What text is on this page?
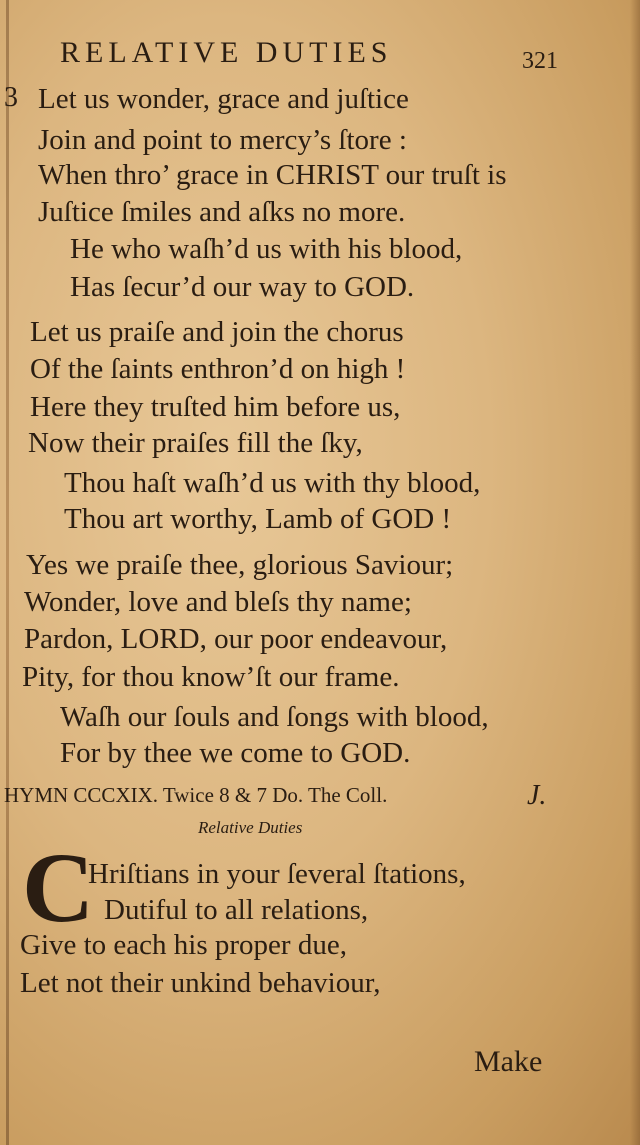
RELATIVE DUTIES	321
3 Let us wonder, grace and juſtice
Join and point to mercy’s ſtore :
When thro’ grace in CHRIST our truſt is
Juſtice ſmiles and aſks no more.
He who waſh’d us with his blood,
Has ſecur’d our way to GOD.
Let us praiſe and join the chorus
Of the ſaints enthron’d on high !
Here they truſted him before us,
Now their praiſes fill the ſky,
Thou haſt waſh’d us with thy blood,
Thou art worthy, Lamb of GOD !
Yes we praiſe thee, glorious Saviour;
Wonder, love and bleſs thy name;
Pardon, LORD, our poor endeavour,
Pity, for thou know’ſt our frame.
Waſh our ſouls and ſongs with blood,
For by thee we come to GOD.
HYMN CCCXIX. Twice 8 & 7 Do. The Coll.	J.
Relative Duties
C
Hriſtians in your ſeveral ſtations,
Dutiful to all relations,
Give to each his proper due,
Let not their unkind behaviour,
Make
